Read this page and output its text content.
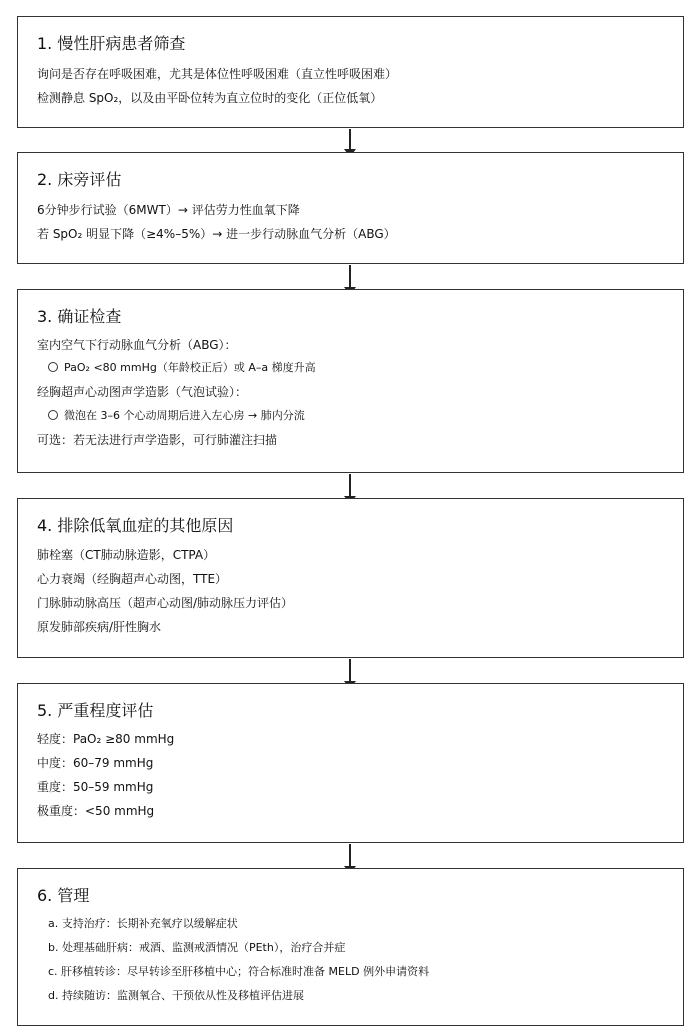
1. 慢性肝病患者筛查
询问是否存在呼吸困难，尤其是体位性呼吸困难（直立性呼吸困难）
检测静息 SpO₂，以及由平卧位转为直立位时的变化（正位低氧）
2. 床旁评估
6分钟步行试验（6MWT）→ 评估劳力性血氧下降
若 SpO₂ 明显下降（≥4%–5%）→ 进一步行动脉血气分析（ABG）
3. 确证检查
室内空气下行动脉血气分析（ABG）：
PaO₂ <80 mmHg（年龄校正后）或 A–a 梯度升高
经胸超声心动图声学造影（气泡试验）：
微泡在 3–6 个心动周期后进入左心房 → 肺内分流
可选：若无法进行声学造影，可行肺灌注扫描
4. 排除低氧血症的其他原因
肺栓塞（CT肺动脉造影，CTPA）
心力衰竭（经胸超声心动图，TTE）
门脉肺动脉高压（超声心动图/肺动脉压力评估）
原发肺部疾病/肝性胸水
5. 严重程度评估
轻度：PaO₂ ≥80 mmHg
中度：60–79 mmHg
重度：50–59 mmHg
极重度：<50 mmHg
6. 管理
a. 支持治疗：长期补充氧疗以缓解症状
b. 处理基础肝病：戒酒、监测戒酒情况（PEth），治疗合并症
c. 肝移植转诊：尽早转诊至肝移植中心；符合标准时准备 MELD 例外申请资料
d. 持续随访：监测氧合、干预依从性及移植评估进展
